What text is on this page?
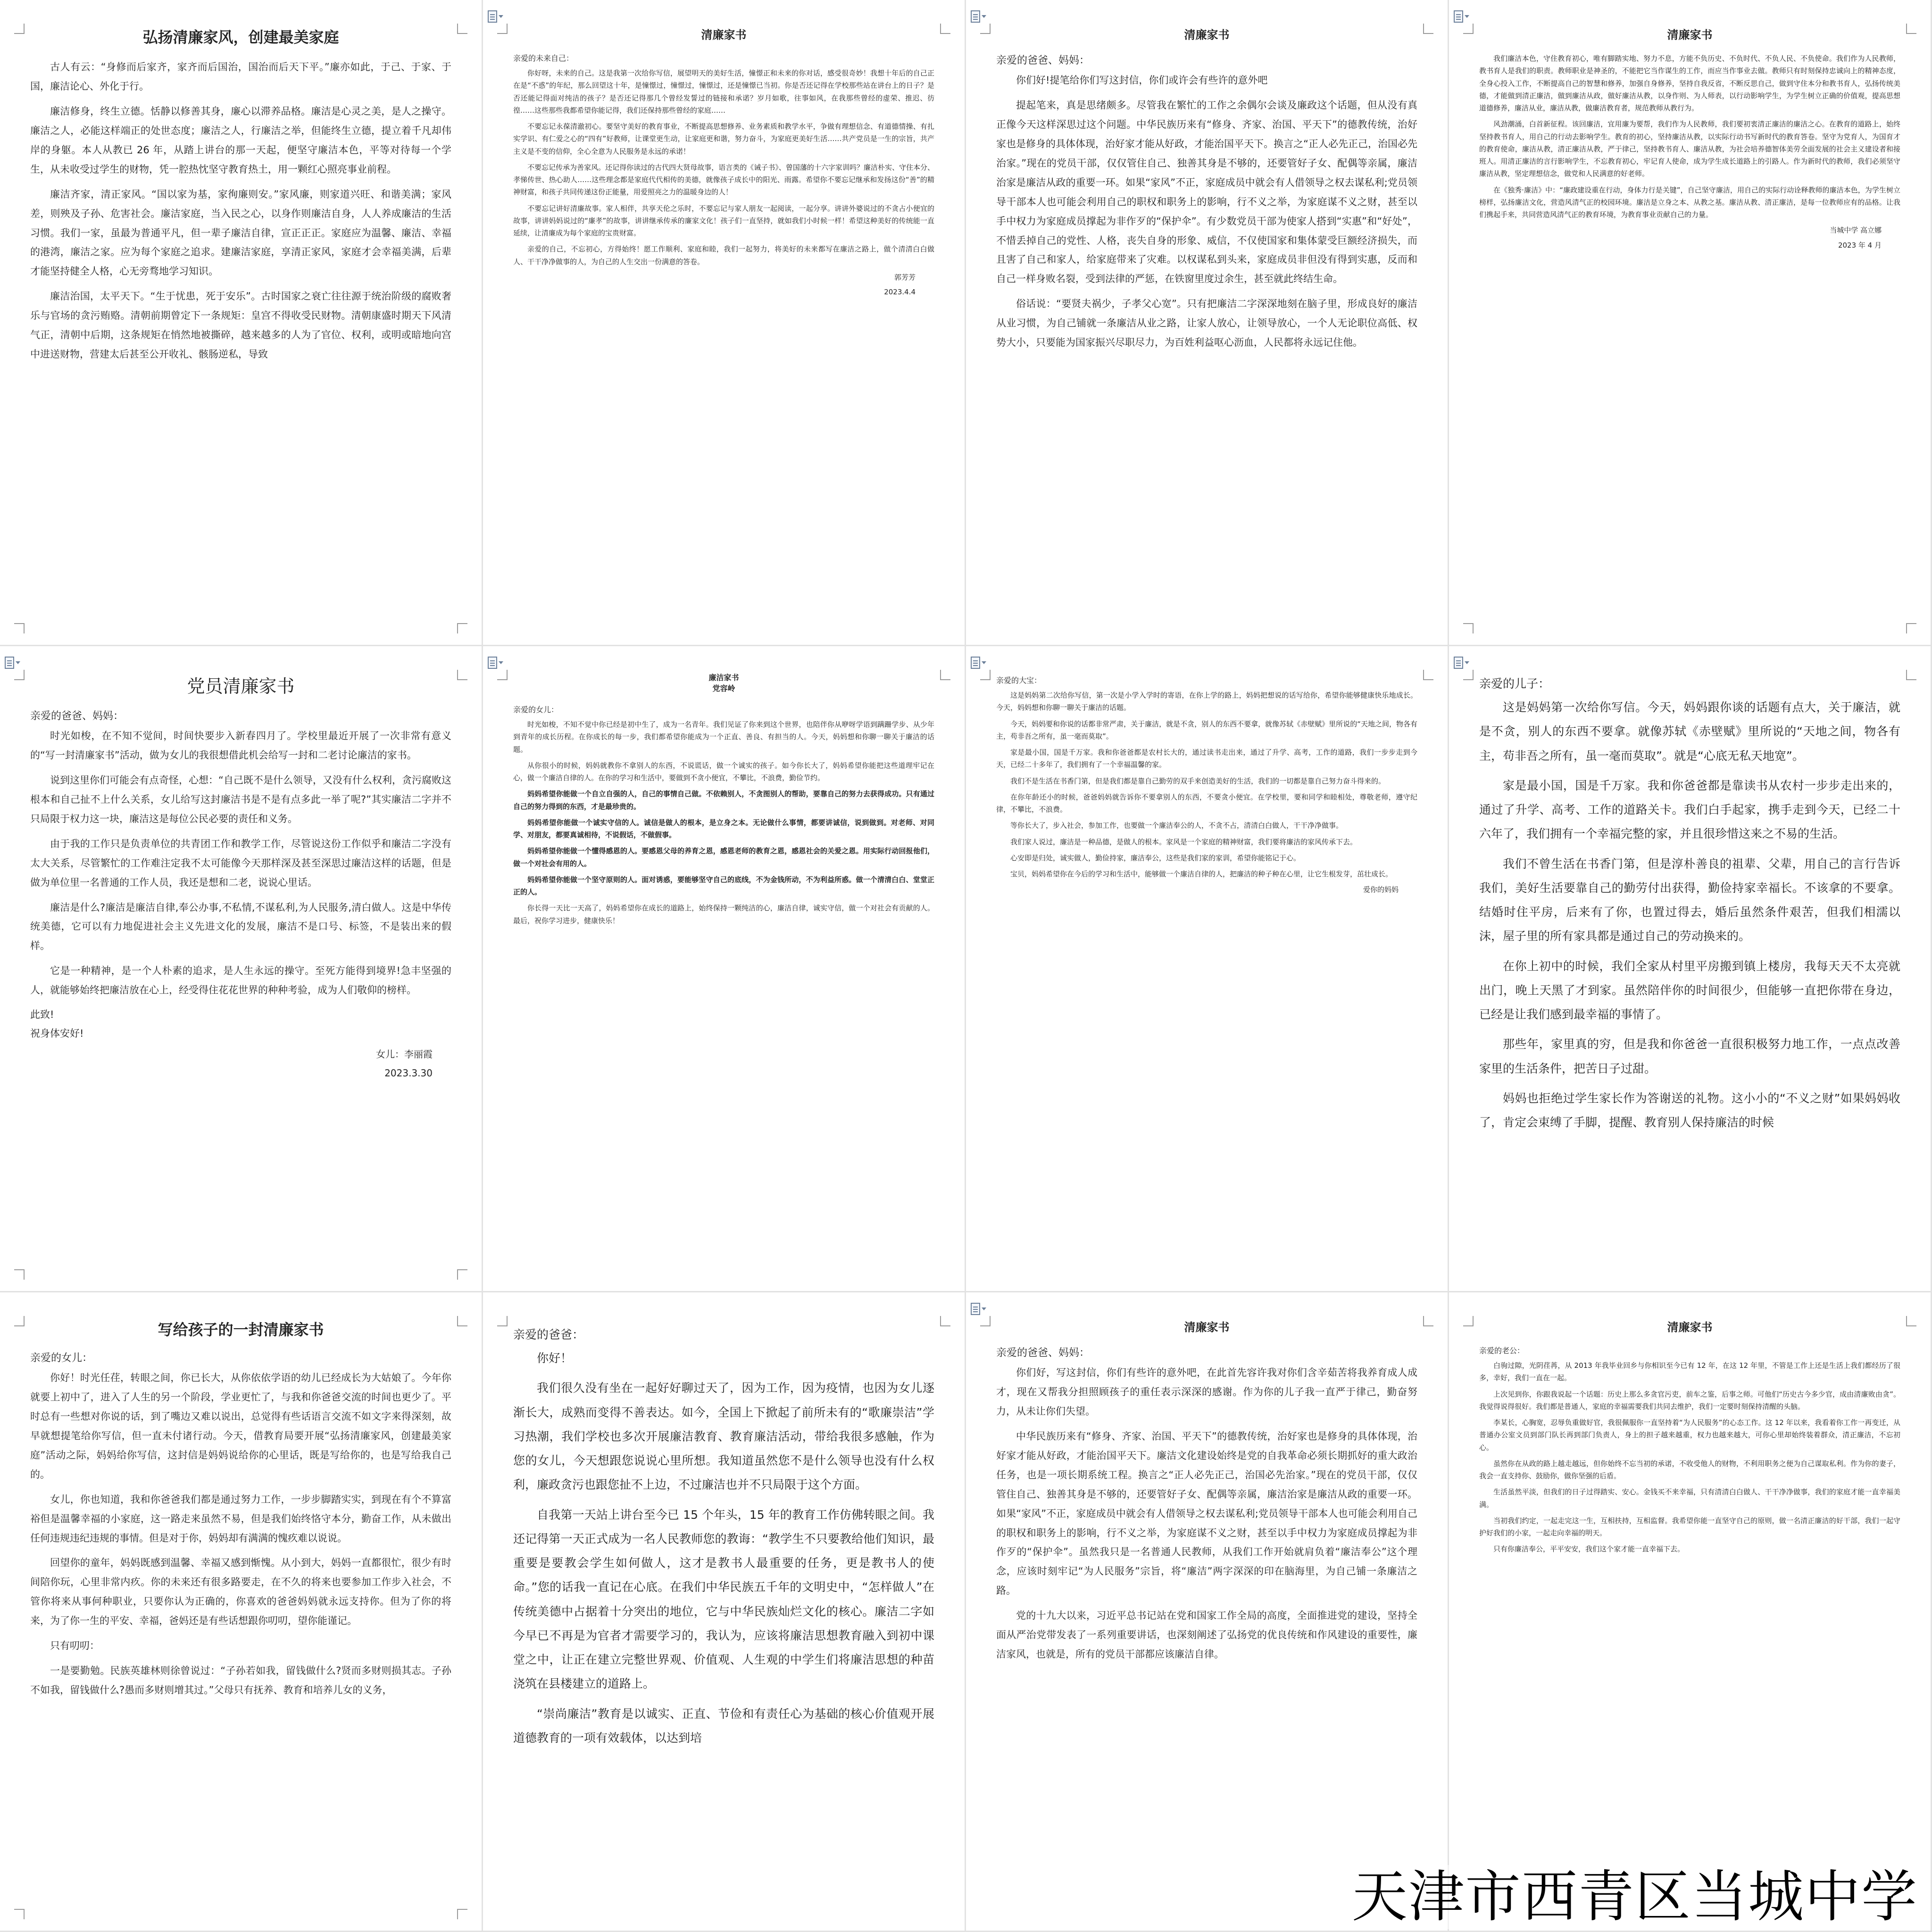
弘扬清廉家风，创建最美家庭

古人有云：“身修而后家齐，家齐而后国治，国治而后天下平。”廉亦如此，于己、于家、于国，廉洁论心、外化于行。

廉洁修身，终生立德。恬静以修善其身，廉心以滞养品格。廉洁是心灵之美，是人之操守。廉洁之人，必能这样端正的处世态度；廉洁之人，行廉洁之举，但能终生立德，提立着千凡却伟岸的身躯。本人从教已 26 年，从踏上讲台的那一天起，便坚守廉洁本色，平等对待每一个学生，从未收受过学生的财物，凭一腔热忱坚守教育热土，用一颗红心照亮事业前程。

廉洁齐家，清正家风。“国以家为基，家徇廉则安。”家风廉，则家道兴旺、和谐美满；家风差，则殃及子孙、危害社会。廉洁家庭，当入民之心，以身作则廉洁自身，人人养成廉洁的生活习惯。我们一家，虽最为普通平凡，但一辈子廉洁自律，宣正正正。家庭应为温馨、廉洁、幸福的港湾，廉洁之家。应为每个家庭之追求。建廉洁家庭，享清正家风，家庭才会幸福美满，后辈才能坚持健全人格，心无旁骛地学习知识。

廉洁治国，太平天下。“生于忧患，死于安乐”。古时国家之衰亡往往源于统治阶级的腐败奢乐与官场的贪污贿赂。清朝前期曾定下一条规矩：皇宫不得收受民财物。清朝康盛时期天下风清气正，清朝中后期，这条规矩在悄然地被撕碎，越来越多的人为了官位、权利，或明或暗地向宫中进送财物，营建太后甚至公开收礼、骸肠逆私，导致

清廉家书
亲爱的未来自己：

你好呀，未来的自己。这是我第一次给你写信，展望明天的美好生活，憧憬正和未来的你对话，感受很奇妙！我想十年后的自己正在是“不惑”的年纪，那么回望这十年，是憧憬过，憧憬过，憧憬过，还是憧憬已当初。你是否还记得在学校那些站在讲台上的日子？是否还能记得面对纯洁的孩子？是否还记得那几个曾经发誓过的链接和承诺？岁月如歌，往事如风，在我那些曾经的虚荣、推迟、彷徨……这些那些我都希望你能记得，我们还保持那些曾经的家庭……

不要忘记永葆清澈初心。要坚守美好的教育事业，不断提高思想修养、业务素质和教学水平，争做有理想信念、有道德情操、有扎实学识、有仁爱之心的“四有”好教师，让课堂更生动，让家庭更和谐，努力奋斗，为家庭更美好生活……共产党员是一生的宗旨，共产主义是不变的信仰，全心全意为人民服务是永远的承诺！

不要忘记传承为善家风。还记得你读过的古代四大贤母故事，语言类的《诫子书》、曾国藩的十六字家训吗？廉洁朴实、守住本分、孝悌传世、热心助人……这些理念都是家庭代代相传的美德，就像孩子成长中的阳光、雨露。希望你不要忘记继承和发扬这份“善”的精神财富，和孩子共同传递这份正能量，用爱照亮之力的温暖身边的人！

不要忘记讲好清廉故事。家人相伴，共享天伦之乐时，不要忘记与家人朋友一起阅读，一起分享。讲讲外婆说过的不贪占小便宜的故事，讲讲妈妈说过的“廉孝”的故事，讲讲继承传承的廉家文化！孩子们一直坚持，就如我们小时候一样！希望这种美好的传统能一直延续，让清廉成为每个家庭的宝贵财富。

亲爱的自己，不忘初心，方得始终！愿工作顺利、家庭和睦，我们一起努力，将美好的未来都写在廉洁之路上，做个清清白白做人、干干净净做事的人，为自己的人生交出一份满意的答卷。

郭芳芳
2023.4.4
清廉家书
亲爱的爸爸、妈妈：

你们好!提笔给你们写这封信，你们或许会有些许的意外吧

提起笔来，真是思绪颇多。尽管我在繁忙的工作之余偶尔会谈及廉政这个话题，但从没有真正像今天这样深思过这个问题。中华民族历来有“修身、齐家、治国、平天下”的德教传统，治好家也是修身的具体体现，治好家才能从好政，才能治国平天下。换言之“正人必先正己，治国必先治家。”现在的党员干部，仅仅管住自己、独善其身是不够的，还要管好子女、配偶等亲属，廉洁治家是廉洁从政的重要一环。如果“家风”不正，家庭成员中就会有人借领导之权去谋私利;党员领导干部本人也可能会利用自己的职权和职务上的影响，行不义之举，为家庭谋不义之财，甚至以手中权力为家庭成员撑起为非作歹的“保护伞”。有少数党员干部为使家人搭到“实惠”和“好处”，不惜丢掉自己的党性、人格，丧失自身的形象、威信，不仅使国家和集体蒙受巨额经济损失，而且害了自己和家人，给家庭带来了灾难。以权谋私到头来，家庭成员非但没有得到实惠，反而和自己一样身败名裂，受到法律的严惩，在铁窗里度过余生，甚至就此终结生命。

俗话说：“要贤夫祸少，子孝父心宽”。只有把廉洁二字深深地刻在脑子里，形成良好的廉洁从业习惯，为自己铺就一条廉洁从业之路，让家人放心，让领导放心，一个人无论职位高低、权势大小，只要能为国家振兴尽职尽力，为百姓利益呕心沥血，人民都将永远记住他。

清廉家书

我们廉洁本色，守住教育初心，唯有脚踏实地、努力不息，方能不负历史、不负时代、不负人民、不负使命。我们作为人民教师，教书育人是我们的职责。教师职业是神圣的，不能把它当作谋生的工作，而应当作事业去做。教师只有时刻保持忠诚向上的精神态度，全身心投入工作，不断提高自己的智慧和修养，加强自身修养，坚持自我反省，不断反思自己，做到守住本分和教书育人，弘扬传统美德，才能做到清正廉洁，做到廉洁从政，做好廉洁从教，以身作则、为人师表，以行动影响学生，为学生树立正确的价值观，提高思想道德修养，廉洁从业，廉洁从教，做廉洁教育者，规范教师从教行为。

风劲潮涌，白首新征程。该回廉洁，宜用廉为要帮，我们作为人民教师，我们要初衷清正廉洁的廉洁之心。在教育的道路上，始终坚持教书育人，用自己的行动去影响学生。教育的初心，坚持廉洁从教，以实际行动书写新时代的教育答卷。坚守为党育人，为国育才的教育使命，廉洁从教，清正廉洁从教，严于律己，坚持教书育人、廉洁从教，为社会培养德智体美劳全面发展的社会主义建设者和接班人。用清正廉洁的言行影响学生，不忘教育初心，牢记育人使命，成为学生成长道路上的引路人。作为新时代的教师，我们必须坚守廉洁从教，坚定理想信念，做党和人民满意的好老师。

在《独秀·廉洁》中：“廉政建设重在行动，身体力行是关键”，自己坚守廉洁，用自己的实际行动诠释教师的廉洁本色，为学生树立榜样，弘扬廉洁文化，营造风清气正的校园环境。廉洁是立身之本、从教之基。廉洁从教、清正廉洁，是每一位教师应有的品格。让我们携起手来，共同营造风清气正的教育环境，为教育事业贡献自己的力量。

当城中学 高立娜
2023 年 4 月
党员清廉家书
亲爱的爸爸、妈妈：

时光如梭，在不知不觉间，时间快要步入新春四月了。学校里最近开展了一次非常有意义的“写一封清廉家书”活动，做为女儿的我很想借此机会给写一封和二老讨论廉洁的家书。

说到这里你们可能会有点奇怪，心想：“自己既不是什么领导，又没有什么权利，贪污腐败这根本和自己扯不上什么关系，女儿给写这封廉洁书是不是有点多此一举了呢?”其实廉洁二字并不只局限于权力这一块，廉洁这是每位公民必要的责任和义务。

由于我的工作只是负责单位的共青团工作和教学工作，尽管说这份工作似乎和廉洁二字没有太大关系，尽管繁忙的工作难注定我不太可能像今天那样深及甚至深思过廉洁这样的话题，但是做为单位里一名普通的工作人员，我还是想和二老，说说心里话。

廉洁是什么?廉洁是廉洁自律,奉公办事,不私情,不谋私利,为人民服务,清白做人。这是中华传统美德，它可以有力地促进社会主义先进文化的发展，廉洁不是口号、标签，不是装出来的假样。

它是一种精神，是一个人朴素的追求，是人生永远的操守。至死方能得到境界!急丰坚强的人，就能够始终把廉洁放在心上，经受得住花花世界的种种考验，成为人们敬仰的榜样。

此致!
祝身体安好!
女儿：李丽霞
2023.3.30
廉洁家书
党容岭
亲爱的女儿：

时光如梭，不知不觉中你已经是初中生了，成为一名青年。我们见证了你来到这个世界，也陪伴你从咿呀学语到蹒跚学步、从少年到青年的成长历程。在你成长的每一步，我们都希望你能成为一个正直、善良、有担当的人。今天，妈妈想和你聊一聊关于廉洁的话题。

从你很小的时候，妈妈就教你不拿别人的东西，不说谎话，做一个诚实的孩子。如今你长大了，妈妈希望你能把这些道理牢记在心，做一个廉洁自律的人。在你的学习和生活中，要做到不贪小便宜，不攀比，不浪费，勤俭节约。

妈妈希望你能做一个自立自强的人，自己的事情自己做。不依赖别人，不贪图别人的帮助，要靠自己的努力去获得成功。只有通过自己的努力得到的东西，才是最珍贵的。

妈妈希望你能做一个诚实守信的人。诚信是做人的根本，是立身之本。无论做什么事情，都要讲诚信，说到做到。对老师、对同学、对朋友，都要真诚相待，不说假话，不做假事。

妈妈希望你能做一个懂得感恩的人。要感恩父母的养育之恩，感恩老师的教育之恩，感恩社会的关爱之恩。用实际行动回报他们，做一个对社会有用的人。

妈妈希望你能做一个坚守原则的人。面对诱惑，要能够坚守自己的底线，不为金钱所动，不为利益所惑。做一个清清白白、堂堂正正的人。

你长得一天比一天高了，妈妈希望你在成长的道路上，始终保持一颗纯洁的心，廉洁自律，诚实守信，做一个对社会有贡献的人。最后，祝你学习进步，健康快乐！

亲爱的大宝：

这是妈妈第二次给你写信，第一次是小学入学时的寄语，在你上学的路上，妈妈把想说的话写给你，希望你能够健康快乐地成长。今天，妈妈想和你聊一聊关于廉洁的话题。

今天，妈妈要和你说的话都非常严肃，关于廉洁，就是不贪，别人的东西不要拿，就像苏轼《赤壁赋》里所说的“天地之间，物各有主，苟非吾之所有，虽一毫而莫取”。

家是最小国，国是千万家。我和你爸爸都是农村长大的，通过读书走出来，通过了升学、高考，工作的道路，我们一步步走到今天，已经二十多年了，我们拥有了一个幸福温馨的家。

我们不是生活在书香门第，但是我们都是靠自己勤劳的双手来创造美好的生活，我们的一切都是靠自己努力奋斗得来的。

在你年龄还小的时候，爸爸妈妈就告诉你不要拿别人的东西，不要贪小便宜。在学校里，要和同学和睦相处，尊敬老师，遵守纪律，不攀比，不浪费。

等你长大了，步入社会，参加工作，也要做一个廉洁奉公的人，不贪不占，清清白白做人，干干净净做事。

我们家人说过，廉洁是一种品德，是做人的根本。家风是一个家庭的精神财富，我们要将廉洁的家风传承下去。

心安即是归处，诚实做人，勤俭持家，廉洁奉公，这些是我们家的家训，希望你能铭记于心。

宝贝，妈妈希望你在今后的学习和生活中，能够做一个廉洁自律的人，把廉洁的种子种在心里，让它生根发芽，茁壮成长。

爱你的妈妈
亲爱的儿子：

这是妈妈第一次给你写信。今天，妈妈跟你谈的话题有点大，关于廉洁，就是不贪，别人的东西不要拿。就像苏轼《赤壁赋》里所说的“天地之间，物各有主，苟非吾之所有，虽一毫而莫取”。就是“心底无私天地宽”。

家是最小国，国是千万家。我和你爸爸都是靠读书从农村一步步走出来的，通过了升学、高考、工作的道路关卡。我们白手起家，携手走到今天，已经二十六年了，我们拥有一个幸福完整的家，并且很珍惜这来之不易的生活。

我们不曾生活在书香门第，但是淳朴善良的祖辈、父辈，用自己的言行告诉我们，美好生活要靠自己的勤劳付出获得，勤俭持家幸福长。不该拿的不要拿。结婚时住平房，后来有了你，也置过得去，婚后虽然条件艰苦，但我们相濡以沫，屋子里的所有家具都是通过自己的劳动换来的。

在你上初中的时候，我们全家从村里平房搬到镇上楼房，我每天天不太亮就出门，晚上天黑了才到家。虽然陪伴你的时间很少，但能够一直把你带在身边，已经是让我们感到最幸福的事情了。

那些年，家里真的穷，但是我和你爸爸一直很积极努力地工作，一点点改善家里的生活条件，把苦日子过甜。

妈妈也拒绝过学生家长作为答谢送的礼物。这小小的“不义之财”如果妈妈收了，肯定会束缚了手脚，提醒、教育别人保持廉洁的时候

写给孩子的一封清廉家书
亲爱的女儿：

你好！时光任荏，转眼之间，你已长大，从你依依学语的幼儿已经成长为大姑娘了。今年你就要上初中了，进入了人生的另一个阶段，学业更忙了，与我和你爸爸交流的时间也更少了。平时总有一些想对你说的话，到了嘴边又难以说出，总觉得有些话语言交流不如文字来得深刻，故早就想提笔给你写信，但一直未付诸行动。今天，借教育局要开展“弘扬清廉家风，创建最美家庭”活动之际，妈妈给你写信，这封信是妈妈说给你的心里话，既是写给你的，也是写给我自己的。

女儿，你也知道，我和你爸爸我们都是通过努力工作，一步步脚踏实实，到现在有个不算富裕但是温馨幸福的小家庭，这一路走来虽然不易，但是我们始终恪守本分，勤奋工作，从未做出任何违规违纪违规的事情。但是对于你，妈妈却有满满的愧疚难以说说。

回望你的童年，妈妈既感到温馨、幸福又感到惭愧。从小到大，妈妈一直都很忙，很少有时间陪你玩，心里非常内疚。你的未来还有很多路要走，在不久的将来也要参加工作步入社会，不管你将来从事何种职业，只要你认为正确的，你喜欢的爸爸妈妈就永远支持你。但为了你的将来，为了你一生的平安、幸福，爸妈还是有些话想跟你叨叨，望你能谨记。

只有叨叨：

一是要勤勉。民族英雄林则徐曾说过：“子孙若如我，留钱做什么?贤而多财则损其志。子孙不如我，留钱做什么?愚而多财则增其过。”父母只有抚养、教育和培养儿女的义务，

亲爱的爸爸：

你好！

我们很久没有坐在一起好好聊过天了，因为工作，因为疫情，也因为女儿逐渐长大，成熟而变得不善表达。如今，全国上下掀起了前所未有的“歌廉崇洁”学习热潮，我们学校也多次开展廉洁教育、教育廉洁活动，带给我很多感触，作为您的女儿，今天想跟您说说心里所想。我知道虽然您不是什么领导也没有什么权利，廉政贪污也跟您扯不上边，不过廉洁也并不只局限于这个方面。

自我第一天站上讲台至今已 15 个年头，15 年的教育工作仿佛转眼之间。我还记得第一天正式成为一名人民教师您的教诲：“教学生不只要教给他们知识，最重要是要教会学生如何做人，这才是教书人最重要的任务，更是教书人的使命。”您的话我一直记在心底。在我们中华民族五千年的文明史中，“怎样做人”在传统美德中占据着十分突出的地位，它与中华民族灿烂文化的核心。廉洁二字如今早已不再是为官者才需要学习的，我认为，应该将廉洁思想教育融入到初中课堂之中，让正在建立完整世界观、价值观、人生观的中学生们将廉洁思想的种苗浇筑在县楼建立的道路上。

“崇尚廉洁”教育是以诚实、正直、节俭和有责任心为基础的核心价值观开展道德教育的一项有效载体，以达到培

清廉家书
亲爱的爸爸、妈妈：

你们好，写这封信，你们有些许的意外吧，在此首先容许我对你们含辛茹苦将我养育成人成才，现在又帮我分担照顾孩子的重任表示深深的感谢。作为你的儿子我一直严于律己，勤奋努力，从未让你们失望。

中华民族历来有“修身、齐家、治国、平天下”的德教传统，治好家也是修身的具体体现，治好家才能从好政，才能治国平天下。廉洁文化建设始终是党的自我革命必须长期抓好的重大政治任务，也是一项长期系统工程。换言之“正人必先正己，治国必先治家。”现在的党员干部，仅仅管住自己、独善其身是不够的，还要管好子女、配偶等亲属，廉洁治家是廉洁从政的重要一环。如果“家风”不正，家庭成员中就会有人借领导之权去谋私利;党员领导干部本人也可能会利用自己的职权和职务上的影响，行不义之举，为家庭谋不义之财，甚至以手中权力为家庭成员撑起为非作歹的“保护伞”。虽然我只是一名普通人民教师，从我们工作开始就肩负着“廉洁奉公”这个理念，应该时刻牢记“为人民服务”宗旨，将“廉洁”两字深深的印在脑海里，为自己铺一条廉洁之路。

党的十九大以来，习近平总书记站在党和国家工作全局的高度，全面推进党的建设，坚持全面从严治党带发表了一系列重要讲话，也深刻阐述了弘扬党的优良传统和作风建设的重要性，廉洁家风，也就是，所有的党员干部都应该廉洁自律。

清廉家书
亲爱的老公：

白驹过隙，光阴荏苒，从 2013 年我毕业回乡与你相识至今已有 12 年，在这 12 年里，不管是工作上还是生活上我们都经历了很多，幸好，我们一直在一起。

上次见到你，你跟我说起一个话题：历史上那么多贪官污吏，前车之鉴，后事之师。可他们“历史古今多少官，成由清廉败由贪”。我觉得说得很好。我们都是普通人，家庭的幸福需要我们共同去维护，我们一定要时刻保持清醒的头脑。

李某长，心胸宽，忍辱负重做好官，我很佩服你一直坚持着“为人民服务”的心态工作。这 12 年以来，我看着你工作一再变迁，从普通办公室文员到部门队长再到部门负责人，身上的担子越来越重，权力也越来越大，可你心里却始终装着群众，清正廉洁，不忘初心。

虽然你在从政的路上越走越远，但你始终不忘当初的承诺，不收受他人的财物，不利用职务之便为自己谋取私利。作为你的妻子，我会一直支持你、鼓励你，做你坚强的后盾。

生活虽然平淡，但我们的日子过得踏实、安心。金钱买不来幸福，只有清清白白做人、干干净净做事，我们的家庭才能一直幸福美满。

当初我们约定，一起走完这一生，互相扶持，互相监督。我希望你能一直坚守自己的原则，做一名清正廉洁的好干部，我们一起守护好我们的小家，一起走向幸福的明天。

只有你廉洁奉公，平平安安，我们这个家才能一直幸福下去。

天津市西青区当城中学
